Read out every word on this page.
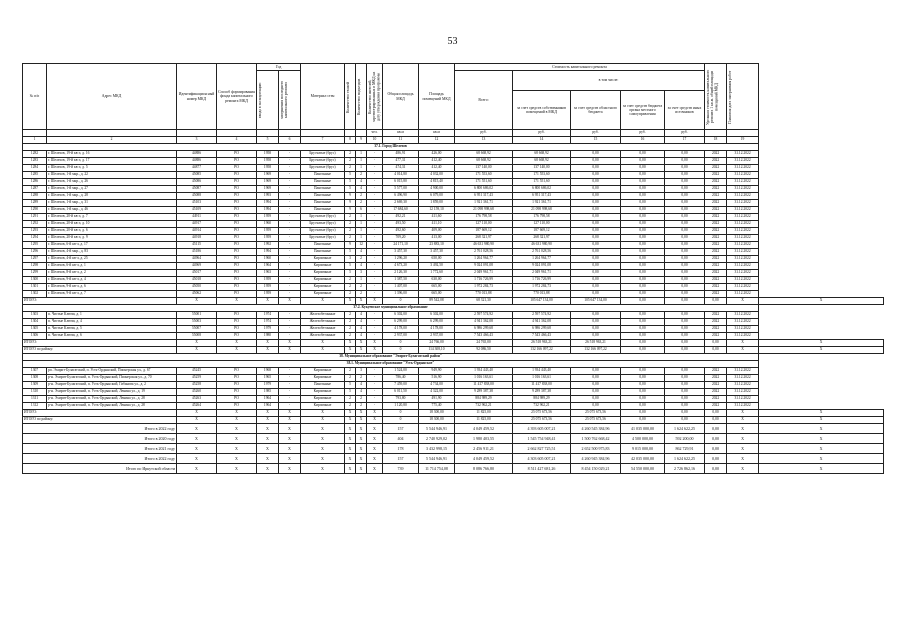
53
№ п/п	Адрес МКД	Идентификацион ный номер МКД	Способ формирования фонда капитального ремонта МКД	Год		Материал стен	Количество этажей	Количество подъездов	Количество жителей, зарегистрированных в МКД на дату утверждения программы	Общая площадь МКД	Площадь помещений МКД	Стоимость капитального ремонта					Удельная стоимость капитального ремонта 1 кв.м. общей площади помещений МКД	Плановая дата завершения работ	

				ввода в эксплуатацию	завершения последнего капитального ремонта							Всего:	в том числе:						
													за счет средств собственников помещений в МКД	за счет средств областного бюджета	за счет средств бюджета органа местного самоуправления	за счет средств иных источников			
									чел.	кв.м	кв.м	руб.	руб.	руб.	руб.	руб.			
1	2	3	4	5	6	7	8	9	10	11	12	13	14	15	16	17	18	19	
37.1. Город Шелехов																			
1282	г. Шелехов, 19-й кв-л, д. 16	44886	РО	1958	-	Брусчатые (брус)	2	1	-	486,91	426,00	68 668,92	68 668,92	0,00	0,00	0,00	2022	31.12.2022	
1283	г. Шелехов, 19-й кв-л, д. 17	44886	РО	1958	-	Брусчатые (брус)	2	1	-	477,31	412,40	68 668,92	68 668,92	0,00	0,00	0,00	2022	31.12.2022	
1284	г. Шелехов, 19-й кв-л, д. 5	44877	РО	1958	-	Брусчатые (брус)	2	1	-	474,31	412,40	137 140,00	137 140,00	0,00	0,00	0,00	2022	31.12.2022	
1285	г. Шелехов, 1-й мкр., д. 22	45085	РО	1969	-	Панельные	5	2	-	4 014,80	4 032,00	171 553,60	171 553,60	0,00	0,00	0,00	2022	31.12.2022	
1286	г. Шелехов, 1-й мкр., д. 26	45086	РО	1969	-	Панельные	5	4	-	6 015,80	4 815,40	171 551,60	171 551,60	0,00	0,00	0,00	2022	31.12.2022	
1287	г. Шелехов, 1-й мкр., д. 27	45087	РО	1969	-	Панельные	5	4	-	5 577,00	4 900,00	6 800 686,02	6 800 686,02	0,00	0,00	0,00	2022	31.12.2022	
1288	г. Шелехов, 1-й мкр., д. 28	45088	РО	1993	-	Панельные	9	2	-	6 496,90	6 079,00	6 951 317,43	6 951 317,43	0,00	0,00	0,00	2022	31.12.2022	
1289	г. Шелехов, 1-й мкр., д. 31	45103	РО	1994	-	Панельные	9	2	-	2 669,30	1 859,00	1 921 361,71	1 921 361,71	0,00	0,00	0,00	2022	31.12.2022	
1290	г. Шелехов, 1-й мкр., д. 46	45109	РО	1994	-	Панельные	9	6	-	17 684,60	12 159,10	21 098 998,68	21 098 998,68	0,00	0,00	0,00	2022	31.12.2022	
1291	г. Шелехов, 20-й кв-л, д. 7	44911	РО	1959	-	Брусчатые (брус)	2	1	-	492,21	411,60	176 798,58	176 798,58	0,00	0,00	0,00	2022	31.12.2022	
1292	г. Шелехов, 20-й кв-л, д. 10	44917	РО	1960	-	Брусчатые (брус)	2	1	-	493,50	411,10	127 110,00	127 110,00	0,00	0,00	0,00	2022	31.12.2022	
1293	г. Шелехов, 20-й кв-л, д. 6	44914	РО	1959	-	Брусчатые (брус)	2	1	-	492,60	409,00	187 669,12	187 669,12	0,00	0,00	0,00	2022	31.12.2022	
1294	г. Шелехов, 20-й кв-л, д. 9	44918	РО	1959	-	Брусчатые (брус)	2	1	-	709,20	413,00	268 321,97	268 321,97	0,00	0,00	0,00	2022	31.12.2022	
1295	г. Шелехов, 6-й кв-л, д. 17	45115	РО	1992	-	Панельные	9	12	-	24 171,10	23 883,10	46 631 980,90	46 631 980,90	0,00	0,00	0,00	2022	31.12.2022	
1296	г. Шелехов, 4-й мкр., д. 83	45186	РО	1994	-	Панельные	5	4	-	3 457,30	3 457,30	2 761 028,56	2 761 028,56	0,00	0,00	0,00	2022	31.12.2022	
1297	г. Шелехов, 4-й кв-л, д. 25	44964	РО	1960	-	Кирпичные	3	2	-	1 296,20	650,00	1 264 964,77	1 264 964,77	0,00	0,00	0,00	2022	31.12.2022	
1298	г. Шелехов, 6-й кв-л, д. 1	44969	РО	1964	-	Кирпичные	5	4	-	4 673,20	3 492,50	9 024 091,08	9 024 091,08	0,00	0,00	0,00	2022	31.12.2022	
1299	г. Шелехов, 8-й кв-л, д. 2	45017	РО	1963	-	Кирпичные	5	3	-	2 126,30	1 772,60	2 049 961,71	2 049 961,71	0,00	0,00	0,00	2022	31.12.2022	
1300	г. Шелехов, 9-й кв-л, д. 4	45018	РО	1959	-	Кирпичные	2	1	-	1 387,50	630,00	1 716 726,99	1 716 726,99	0,00	0,00	0,00	2022	31.12.2022	
1301	г. Шелехов, 9-й кв-л, д. 6	45050	РО	1959	-	Кирпичные	2	2	-	1 407,00	665,00	1 972 284,73	1 972 284,73	0,00	0,00	0,00	2022	31.12.2022	
1302	г. Шелехов, 9-й кв-л, д. 7	45062	РО	1959	-	Кирпичные	2	2	-	1 396,00	665,00	770 013,88	770 013,88	0,00	0,00	0,00	2022	31.12.2022	
ИТОГО:		X	X	X	X	X	X	X	X	0	89 542,08	68 321,30	105 647 134,00	105 647 134,00	0,00	0,00	0,00	X	X
37.2. Кукуевское муниципальное образование																			
1303	п. Чистые Ключи, д. 1	55001	РО	1974	-	Железобетонные	2	4	-	6 302,00	6 302,00	2 597 574,92	2 597 574,92	0,00	0,00	0,00	2022	31.12.2022	
1304	п. Чистые Ключи, д. 4	55003	РО	1974	-	Железобетонные	2	4	-	6 299,00	6 299,00	4 941 362,08	4 941 362,08	0,00	0,00	0,00	2022	31.12.2022	
1305	п. Чистые Ключи, д. 5	55007	РО	1979	-	Железобетонные	2	4	-	4 178,00	4 178,00	6 986 299,68	6 986 299,68	0,00	0,00	0,00	2022	31.12.2022	
1306	п. Чистые Ключи, д. 6	55008	РО	1980	-	Железобетонные	2	4	-	2 937,00	2 937,00	7 543 466,43	7 543 466,43	0,00	0,00	0,00	2022	31.12.2022	
ИТОГО:		X	X	X	X	X	X	X	X	0	24 766,00	24 765,00	26 518 963,21	26 518 963,21	0,00	0,00	0,00	X	X
ИТОГО по району:		X	X	X	X	X	X	X	X	0	114 308,10	92 086,50	132 166 097,22	132 166 097,22	0,00	0,00	0,00	X	X
38. Муниципальное образование "Эхирит-Булагатский район"																			
38.1. Муниципальное образование "Усть-Ордынское"																			
1307	рп. Эхирит-Булагатский, п. Усть-Ордынский, Пионерская ул., д. 67	45245	РО	1968	-	Кирпичные	2	3	-	1 524,00	949,90	1 934 443,40	1 934 443,40	0,00	0,00	0,00	2022	31.12.2022	
1308	р-н. Эхирит-Булагатский, п. Усть-Ордынский, Пионерская ул., д. 70	45259	РО	1965	-	Кирпичные	2	2	-	786,40	516,90	1 016 163,61	1 016 163,61	0,00	0,00	0,00	2022	31.12.2022	
1309	р-н. Эхирит-Булагатский, п. Усть-Ордынский, Гибанова ул., д. 2	45258	РО	1979	-	Панельные	5	4	-	7 459,00	4 734,00	11 417 838,00	11 417 838,00	0,00	0,00	0,00	2022	31.12.2022	
1310	р-н. Эхирит-Булагатский, п. Усть-Ордынский, Ленина ул., д. 19	45260	РО	1985	-	Кирпичные	5	4	-	6 011,50	4 322,00	9 289 387,38	9 289 387,38	0,00	0,00	0,00	2022	31.12.2022	
1311	р-н. Эхирит-Булагатский, п. Усть-Ордынский, Ленина ул., д. 28	45263	РО	1964	-	Кирпичные	2	2	-	793,80	491,90	884 989,29	884 989,29	0,00	0,00	0,00	2022	31.12.2022	
1312	р-н. Эхирит-Булагатский, п. Усть-Ордынский, Ленина ул., д. 28	45264	РО	1964	-	Кирпичные	2	2	-	1 120,80	775,40	732 962,21	732 962,21	0,00	0,00	0,00	2022	31.12.2022	
ИТОГО:		X	X	X	X	X	X	X	X	0	18 300,00	11 825,00	25 075 673,56	25 075 673,56	0,00	0,00	0,00	X	X
ИТОГО по району:		X	X	X	X	X	X	X	X	0	18 300,00	11 825,00	25 075 673,56	25 075 673,56	0,00	0,00	0,00	X	X
Итого в 2022 году		X	X	X	X	X	X	X	X	157	5 544 946,91	4 049 459,52	4 393 605 007,21	4 260 545 384,96	41 035 000,00	1 624 622,25	0,00	X	X
Итого в 2020 году		X	X	X	X	X	X	X	X	404	2 740 929,02	1 980 403,55	1 545 754 948,41	1 500 762 668,42	4 500 000,00	592 200,00	0,00	X	X
Итого в 2021 году		X	X	X	X	X	X	X	X	178	3 432 998,15	2 456 911,21	2 662 827 725,51	2 652 500 975,83	9 015 000,00	862 729,91	0,00	X	X
Итого в 2022 году		X	X	X	X	X	X	X	X	157	5 544 946,91	4 049 459,52	4 303 605 007,21	4 260 945 384,96	42 035 000,00	1 624 622,25	0,00	X	X
Итого по Иркутской области		X	X	X	X	X	X	X	X	739	11 714 754,08	8 086 766,80	8 511 427 681,26	8 454 150 029,21	54 550 000,00	2 726 862,16	0,00	X	X
